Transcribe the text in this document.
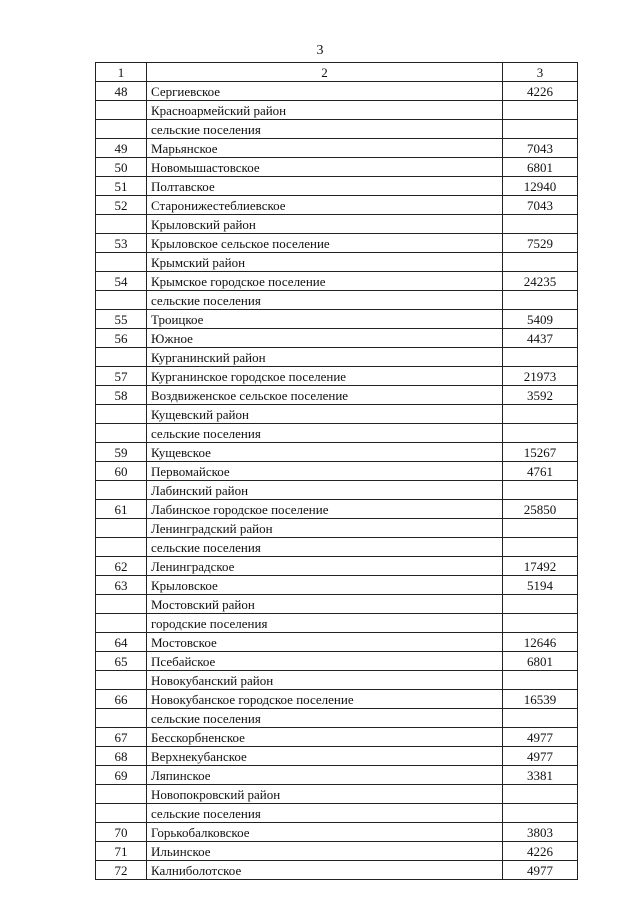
3
1	2	3
48	Сергиевское	4226
	Красноармейский район	
	сельские поселения	
49	Марьянское	7043
50	Новомышастовское	6801
51	Полтавское	12940
52	Старонижестеблиевское	7043
	Крыловский район	
53	Крыловское сельское поселение	7529
	Крымский район	
54	Крымское городское поселение	24235
	сельские поселения	
55	Троицкое	5409
56	Южное	4437
	Курганинский район	
57	Курганинское городское поселение	21973
58	Воздвиженское сельское поселение	3592
	Кущевский район	
	сельские поселения	
59	Кущевское	15267
60	Первомайское	4761
	Лабинский район	
61	Лабинское городское поселение	25850
	Ленинградский район	
	сельские поселения	
62	Ленинградское	17492
63	Крыловское	5194
	Мостовский район	
	городские поселения	
64	Мостовское	12646
65	Псебайское	6801
	Новокубанский район	
66	Новокубанское городское поселение	16539
	сельские поселения	
67	Бесскорбненское	4977
68	Верхнекубанское	4977
69	Ляпинское	3381
	Новопокровский район	
	сельские поселения	
70	Горькобалковское	3803
71	Ильинское	4226
72	Калниболотское	4977
